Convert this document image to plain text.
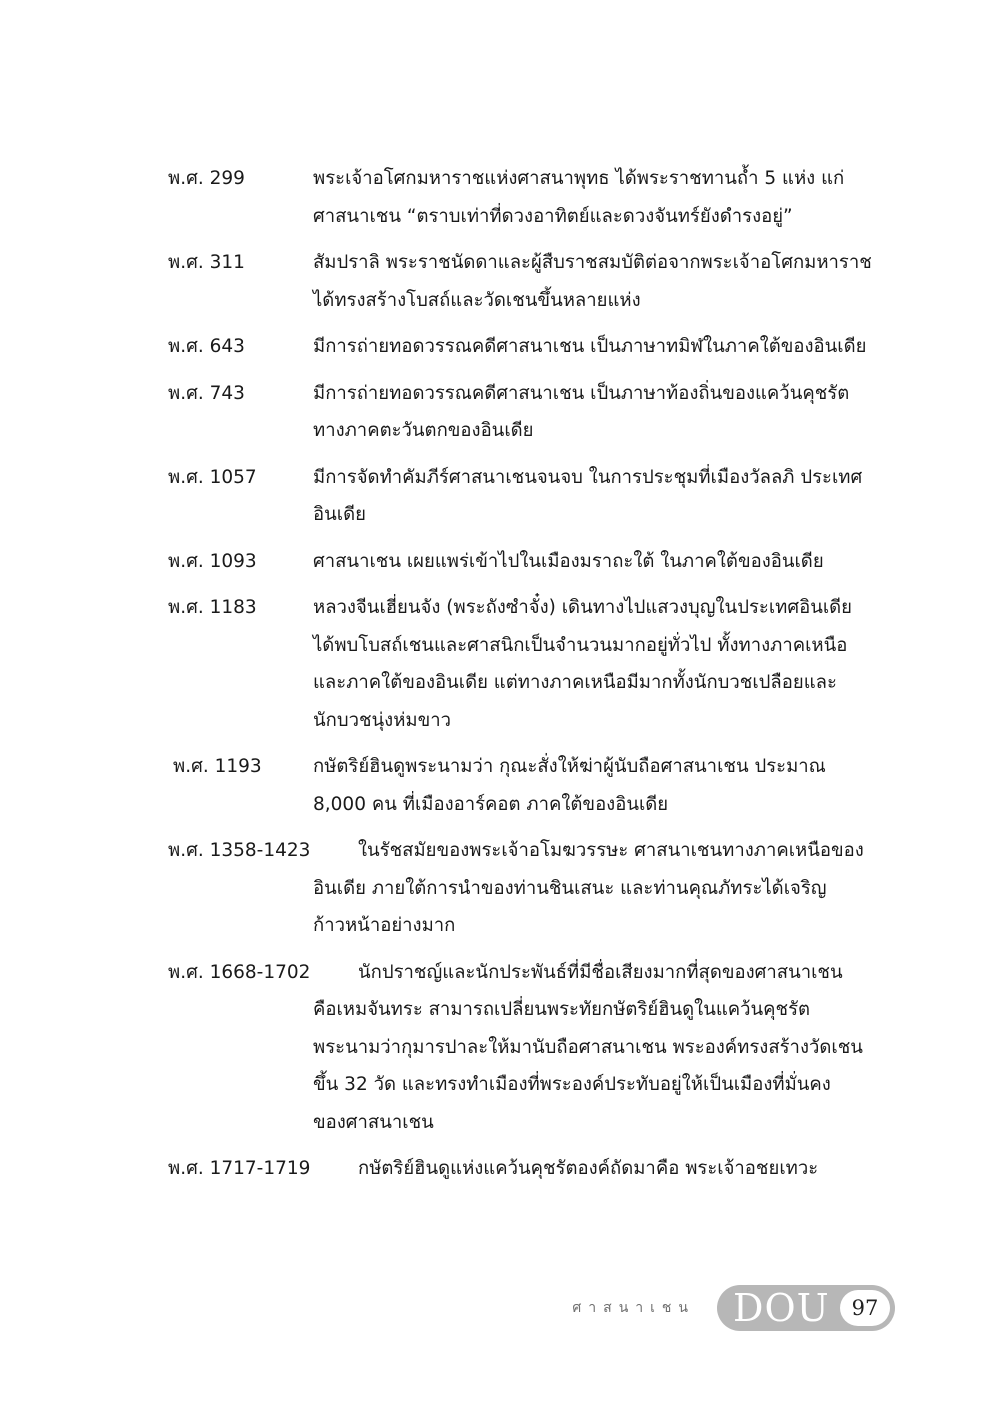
พ.ศ. 299	พระเจ้าอโศกมหาราชแห่งศาสนาพุทธ ได้พระราชทานถ้ำ 5 แห่ง แก่
ศาสนาเชน “ตราบเท่าที่ดวงอาทิตย์และดวงจันทร์ยังดำรงอยู่”
พ.ศ. 311	สัมปราลิ พระราชนัดดาและผู้สืบราชสมบัติต่อจากพระเจ้าอโศกมหาราช
ได้ทรงสร้างโบสถ์และวัดเชนขึ้นหลายแห่ง
พ.ศ. 643	มีการถ่ายทอดวรรณคดีศาสนาเชน เป็นภาษาทมิฬในภาคใต้ของอินเดีย
พ.ศ. 743	มีการถ่ายทอดวรรณคดีศาสนาเชน เป็นภาษาท้องถิ่นของแคว้นคุชรัต
ทางภาคตะวันตกของอินเดีย
พ.ศ. 1057	มีการจัดทำคัมภีร์ศาสนาเชนจนจบ ในการประชุมที่เมืองวัลลภิ ประเทศ
อินเดีย
พ.ศ. 1093	ศาสนาเชน เผยแพร่เข้าไปในเมืองมราถะใต้ ในภาคใต้ของอินเดีย
พ.ศ. 1183	หลวงจีนเฮี่ยนจัง (พระถังซำจั๋ง) เดินทางไปแสวงบุญในประเทศอินเดีย
ได้พบโบสถ์เชนและศาสนิกเป็นจำนวนมากอยู่ทั่วไป ทั้งทางภาคเหนือ
และภาคใต้ของอินเดีย แต่ทางภาคเหนือมีมากทั้งนักบวชเปลือยและ
นักบวชนุ่งห่มขาว
พ.ศ. 1193	กษัตริย์ฮินดูพระนามว่า กุณะสั่งให้ฆ่าผู้นับถือศาสนาเชน ประมาณ
8,000 คน ที่เมืองอาร์คอต ภาคใต้ของอินเดีย
พ.ศ. 1358-1423	ในรัชสมัยของพระเจ้าอโมฆวรรษะ ศาสนาเชนทางภาคเหนือของ
อินเดีย ภายใต้การนำของท่านชินเสนะ และท่านคุณภัทระได้เจริญ
ก้าวหน้าอย่างมาก
พ.ศ. 1668-1702	นักปราชญ์และนักประพันธ์ที่มีชื่อเสียงมากที่สุดของศาสนาเชน
คือเหมจันทระ สามารถเปลี่ยนพระทัยกษัตริย์ฮินดูในแคว้นคุชรัต
พระนามว่ากุมารปาละให้มานับถือศาสนาเชน พระองค์ทรงสร้างวัดเชน
ขึ้น 32 วัด และทรงทำเมืองที่พระองค์ประทับอยู่ให้เป็นเมืองที่มั่นคง
ของศาสนาเชน
พ.ศ. 1717-1719	กษัตริย์ฮินดูแห่งแคว้นคุชรัตองค์ถัดมาคือ พระเจ้าอชยเทวะ
ศาสนาเชน DOU	97
